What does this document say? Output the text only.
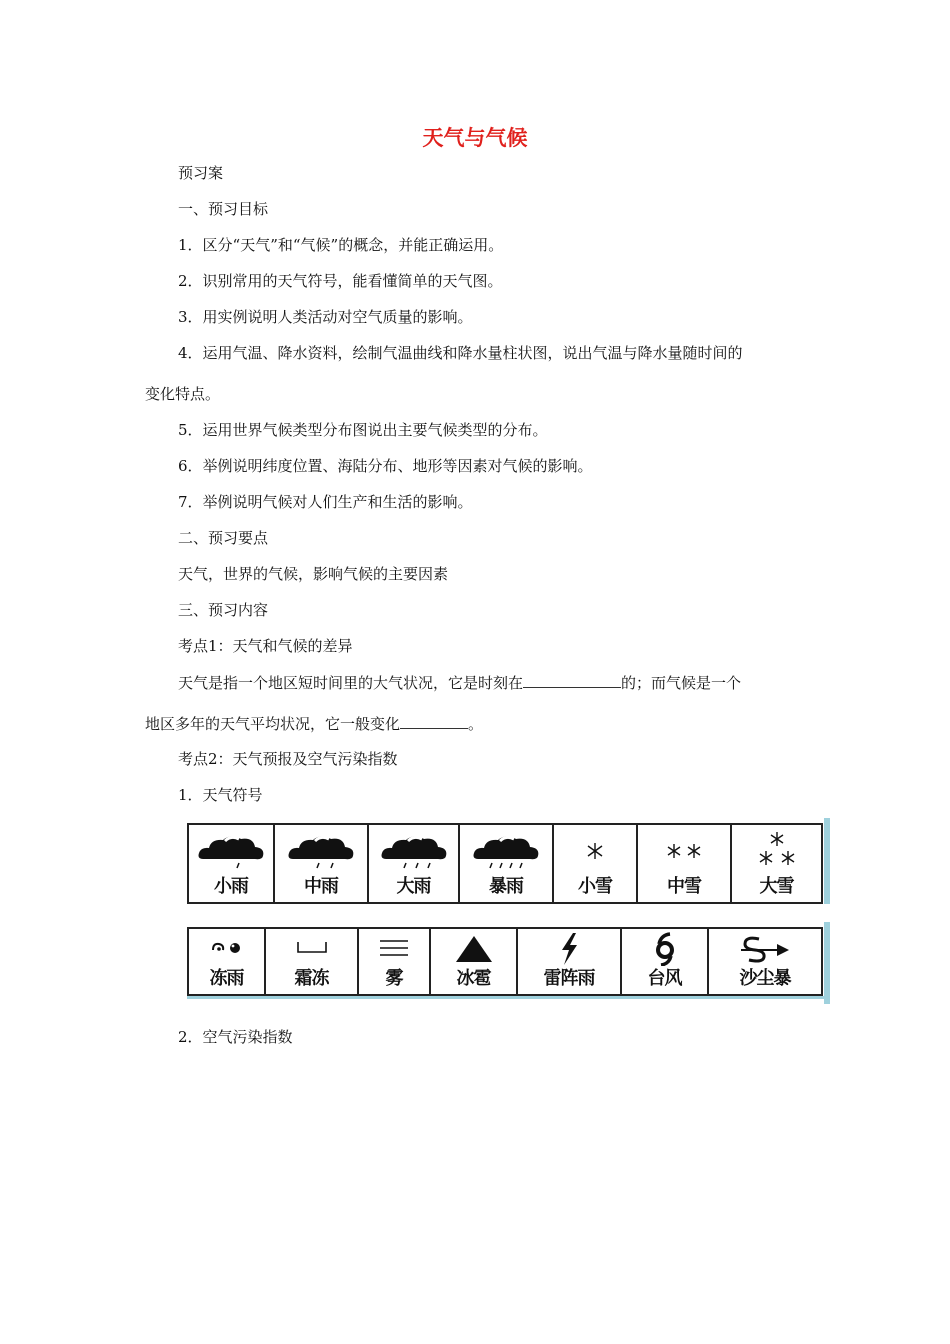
天气与气候
预习案
一、预习目标
1．区分“天气”和“气候”的概念，并能正确运用。
2．识别常用的天气符号，能看懂简单的天气图。
3．用实例说明人类活动对空气质量的影响。
4．运用气温、降水资料，绘制气温曲线和降水量柱状图，说出气温与降水量随时间的
变化特点。
5．运用世界气候类型分布图说出主要气候类型的分布。
6．举例说明纬度位置、海陆分布、地形等因素对气候的影响。
7．举例说明气候对人们生产和生活的影响。
二、预习要点
天气，世界的气候，影响气候的主要因素
三、预习内容
考点1：天气和气候的差异
天气是指一个地区短时间里的大气状况，它是时刻在	的；而气候是一个
地区多年的天气平均状况，它一般变化	。
考点2：天气预报及空气污染指数
1．天气符号
小雨	中雨	大雨	暴雨	小雪	中雪	大雪
冻雨	霜冻	雾	冰雹	雷阵雨	台风	沙尘暴
2．空气污染指数
